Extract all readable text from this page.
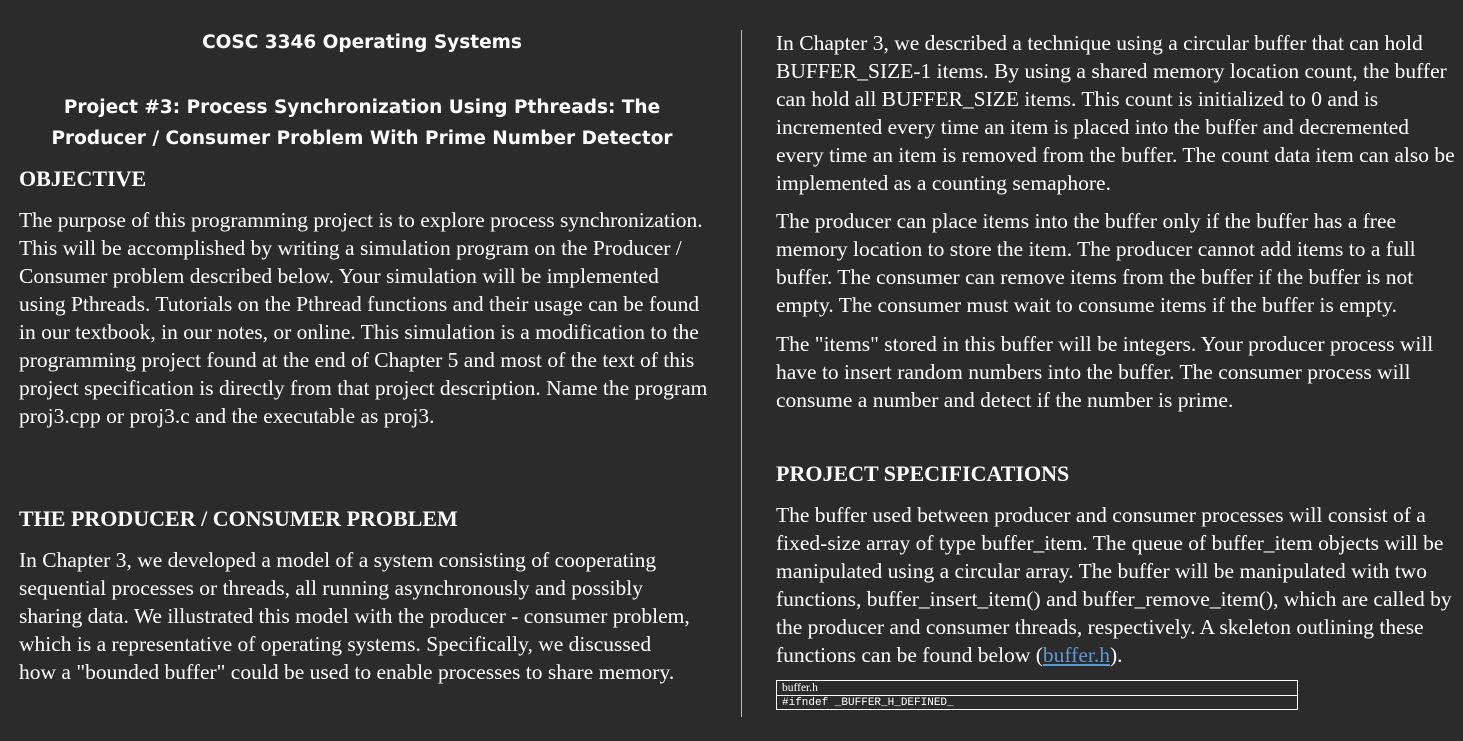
COSC 3346 Operating Systems

Project #3: Process Synchronization Using Pthreads: The Producer / Consumer Problem With Prime Number Detector

OBJECTIVE

The purpose of this programming project is to explore process synchronization. This will be accomplished by writing a simulation program on the Producer / Consumer problem described below. Your simulation will be implemented using Pthreads. Tutorials on the Pthread functions and their usage can be found in our textbook, in our notes, or online. This simulation is a modification to the programming project found at the end of Chapter 5 and most of the text of this project specification is directly from that project description. Name the program proj3.cpp or proj3.c and the executable as proj3.

THE PRODUCER / CONSUMER PROBLEM

In Chapter 3, we developed a model of a system consisting of cooperating sequential processes or threads, all running asynchronously and possibly sharing data. We illustrated this model with the producer - consumer problem, which is a representative of operating systems. Specifically, we discussed how a "bounded buffer" could be used to enable processes to share memory.

In Chapter 3, we described a technique using a circular buffer that can hold BUFFER_SIZE-1 items. By using a shared memory location count, the buffer can hold all BUFFER_SIZE items. This count is initialized to 0 and is incremented every time an item is placed into the buffer and decremented every time an item is removed from the buffer. The count data item can also be implemented as a counting semaphore.

The producer can place items into the buffer only if the buffer has a free memory location to store the item. The producer cannot add items to a full buffer. The consumer can remove items from the buffer if the buffer is not empty. The consumer must wait to consume items if the buffer is empty.

The "items" stored in this buffer will be integers. Your producer process will have to insert random numbers into the buffer. The consumer process will consume a number and detect if the number is prime.

PROJECT SPECIFICATIONS

The buffer used between producer and consumer processes will consist of a fixed-size array of type buffer_item. The queue of buffer_item objects will be manipulated using a circular array. The buffer will be manipulated with two functions, buffer_insert_item() and buffer_remove_item(), which are called by the producer and consumer threads, respectively. A skeleton outlining these functions can be found below (buffer.h).

buffer.h
#ifndef _BUFFER_H_DEFINED_
